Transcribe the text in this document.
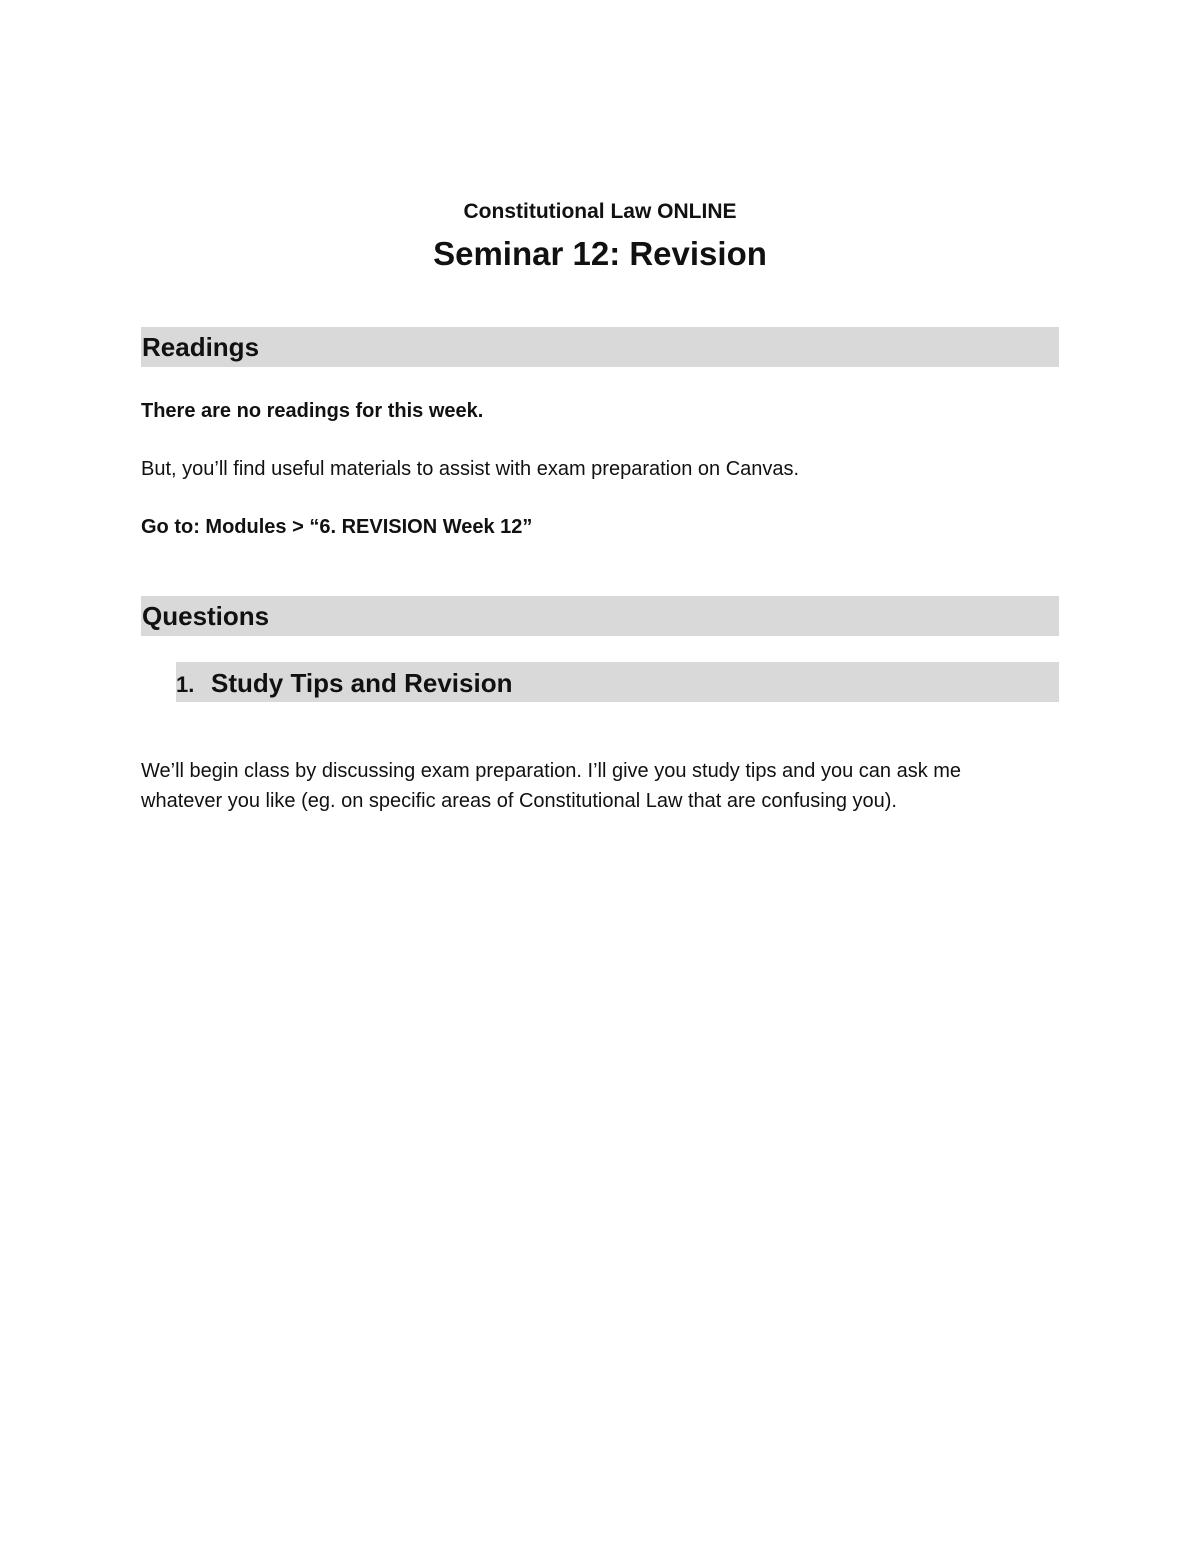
Constitutional Law ONLINE
Seminar 12: Revision
Readings
There are no readings for this week.
But, you’ll find useful materials to assist with exam preparation on Canvas.
Go to: Modules > “6. REVISION Week 12”
Questions
1. Study Tips and Revision
We’ll begin class by discussing exam preparation. I’ll give you study tips and you can ask me
whatever you like (eg. on specific areas of Constitutional Law that are confusing you).
